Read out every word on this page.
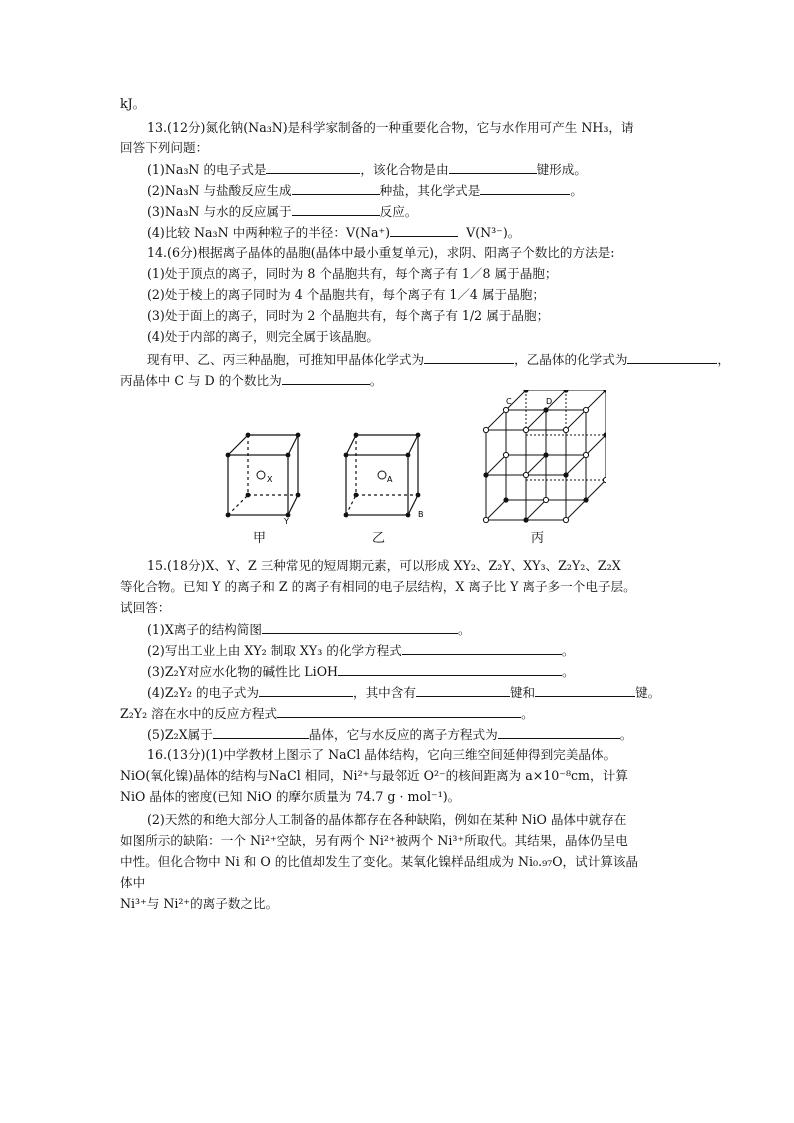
kJ。
13.(12分)氮化钠(Na₃N)是科学家制备的一种重要化合物，它与水作用可产生 NH₃，请
回答下列问题：
(1)Na₃N 的电子式是	，该化合物是由	键形成。
(2)Na₃N 与盐酸反应生成	种盐，其化学式是	。
(3)Na₃N 与水的反应属于	反应。
(4)比较 Na₃N 中两种粒子的半径：V(Na⁺)	V(N³⁻)。
14.(6分)根据离子晶体的晶胞(晶体中最小重复单元)，求阴、阳离子个数比的方法是:
(1)处于顶点的离子，同时为 8 个晶胞共有，每个离子有 1／8 属于晶胞；
(2)处于棱上的离子同时为 4 个晶胞共有，每个离子有 1／4 属于晶胞；
(3)处于面上的离子，同时为 2 个晶胞共有，每个离子有 1/2 属于晶胞；
(4)处于内部的离子，则完全属于该晶胞。
现有甲、乙、丙三种晶胞，可推知甲晶体化学式为	，乙晶体的化学式为	，
丙晶体中 C 与 D 的个数比为	。
X
Y
甲
A
B
乙
C	D
丙
15.(18分)X、Y、Z 三种常见的短周期元素，可以形成 XY₂、Z₂Y、XY₃、Z₂Y₂、Z₂X
等化合物。已知 Y 的离子和 Z 的离子有相同的电子层结构，X 离子比 Y 离子多一个电子层。
试回答：
(1)X离子的结构简图	。
(2)写出工业上由 XY₂ 制取 XY₃ 的化学方程式	。
(3)Z₂Y对应水化物的碱性比 LiOH	。
(4)Z₂Y₂ 的电子式为	，其中含有	键和	键。
Z₂Y₂ 溶在水中的反应方程式	。
(5)Z₂X属于	晶体，它与水反应的离子方程式为	。
16.(13分)(1)中学教材上图示了 NaCl 晶体结构，它向三维空间延伸得到完美晶体。
NiO(氧化镍)晶体的结构与NaCl 相同，Ni²⁺与最邻近 O²⁻的核间距离为 a×10⁻⁸cm，计算
NiO 晶体的密度(已知 NiO 的摩尔质量为 74.7 g · mol⁻¹)。
(2)天然的和绝大部分人工制备的晶体都存在各种缺陷，例如在某种 NiO 晶体中就存在
如图所示的缺陷：一个 Ni²⁺空缺，另有两个 Ni²⁺被两个 Ni³⁺所取代。其结果，晶体仍呈电
中性。但化合物中 Ni 和 O 的比值却发生了变化。某氧化镍样品组成为 Ni₀.₉₇O，试计算该晶
体中
Ni³⁺与 Ni²⁺的离子数之比。
